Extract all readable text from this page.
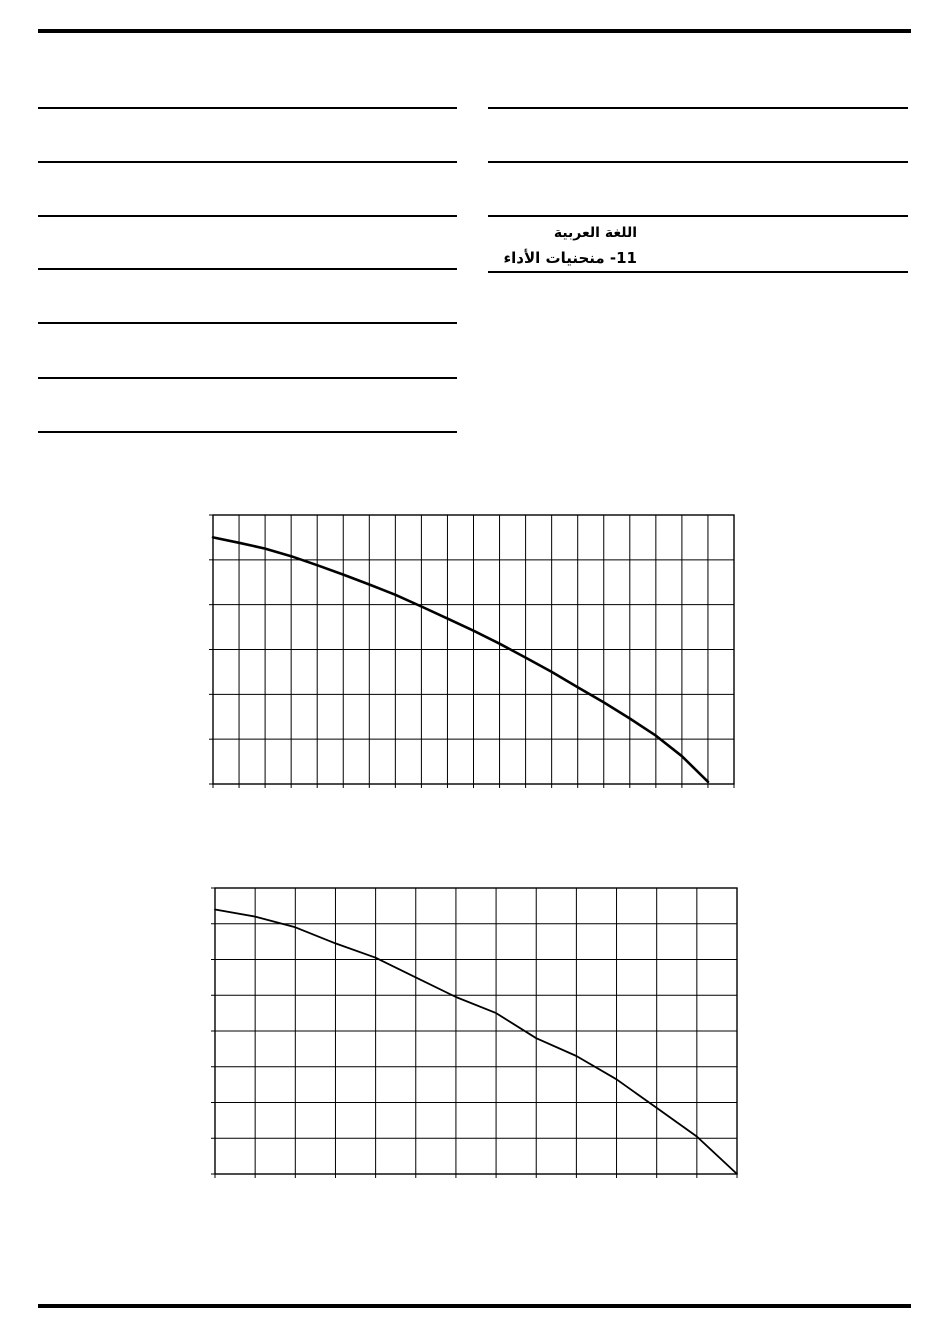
اللغة العربية
11- منحنيات الأداء
